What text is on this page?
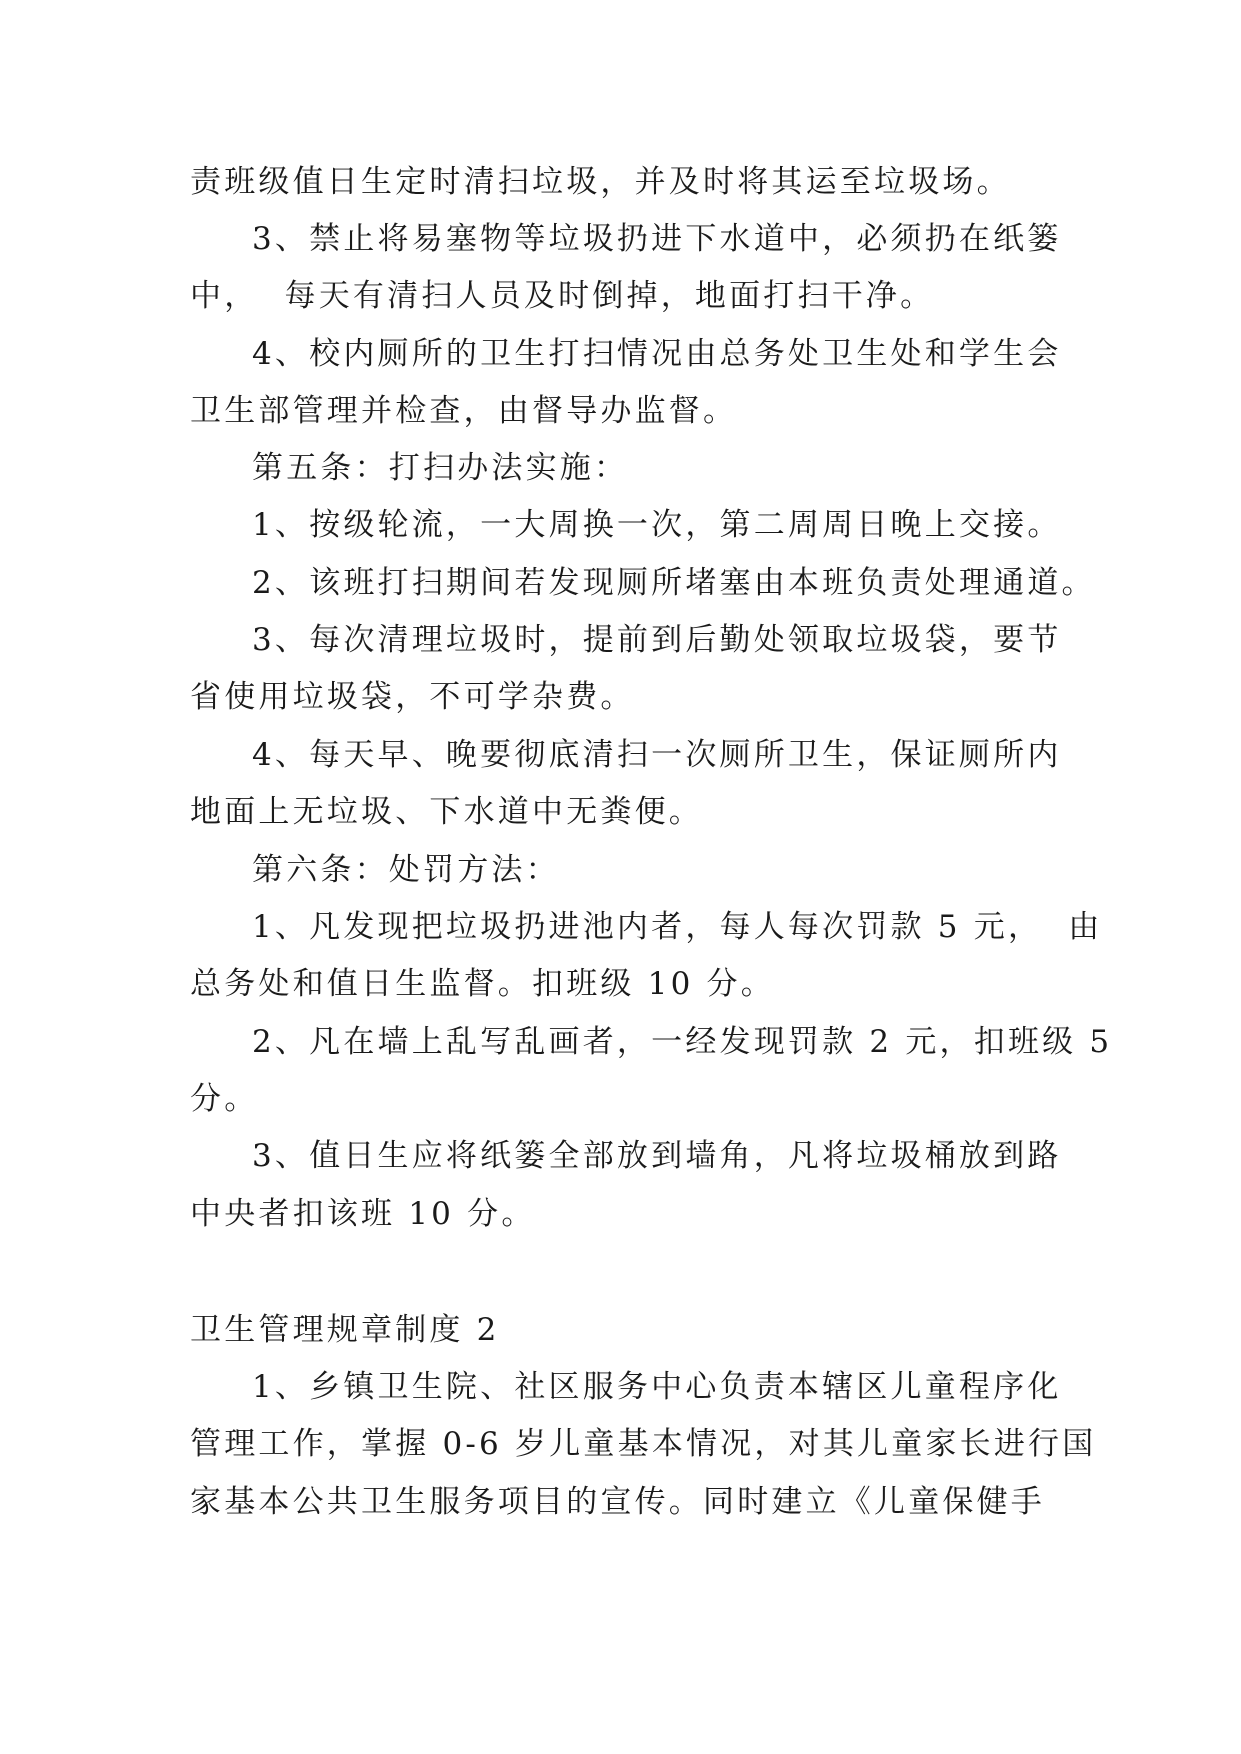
责班级值日生定时清扫垃圾，并及时将其运至垃圾场。
3、禁止将易塞物等垃圾扔进下水道中，必须扔在纸篓
中，  每天有清扫人员及时倒掉，地面打扫干净。
4、校内厕所的卫生打扫情况由总务处卫生处和学生会
卫生部管理并检查，由督导办监督。
第五条：打扫办法实施：
1、按级轮流，一大周换一次，第二周周日晚上交接。
2、该班打扫期间若发现厕所堵塞由本班负责处理通道。
3、每次清理垃圾时，提前到后勤处领取垃圾袋，要节
省使用垃圾袋，不可学杂费。
4、每天早、晚要彻底清扫一次厕所卫生，保证厕所内
地面上无垃圾、下水道中无粪便。
第六条：处罚方法：
1、凡发现把垃圾扔进池内者，每人每次罚款 5 元，  由
总务处和值日生监督。扣班级 10 分。
2、凡在墙上乱写乱画者，一经发现罚款 2 元，扣班级 5
分。
3、值日生应将纸篓全部放到墙角，凡将垃圾桶放到路
中央者扣该班 10 分。
卫生管理规章制度 2
1、乡镇卫生院、社区服务中心负责本辖区儿童程序化
管理工作，掌握 0-6 岁儿童基本情况，对其儿童家长进行国
家基本公共卫生服务项目的宣传。同时建立《儿童保健手
